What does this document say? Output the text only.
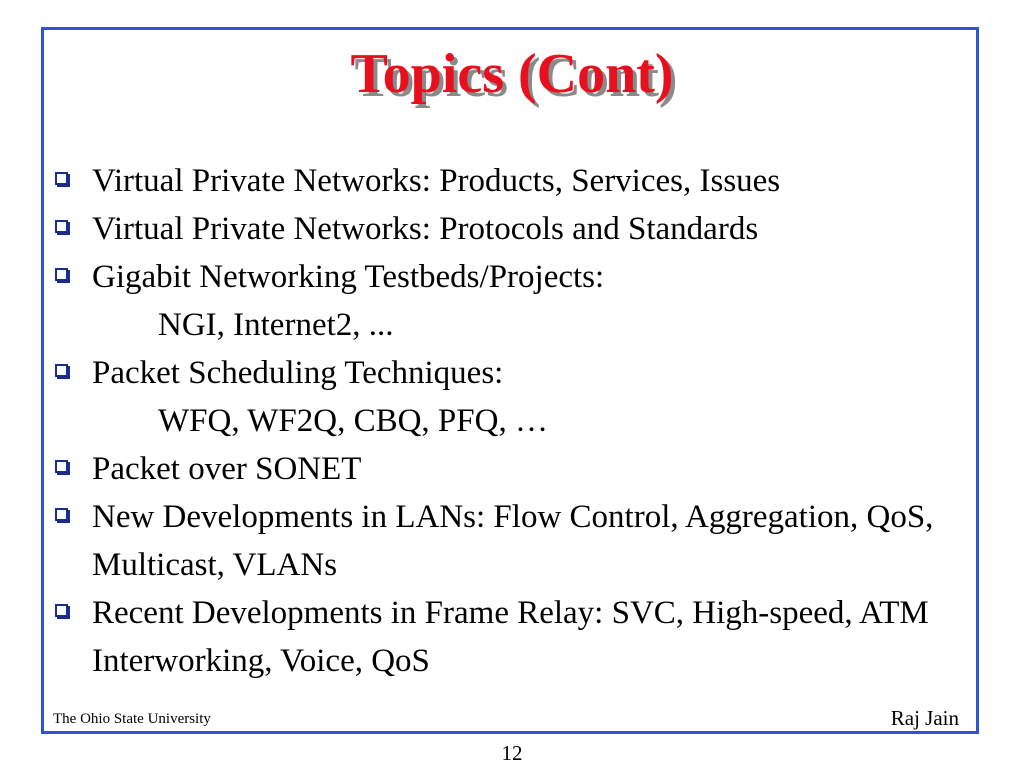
Topics (Cont)
Virtual Private Networks: Products, Services, Issues
Virtual Private Networks: Protocols and Standards
Gigabit Networking Testbeds/Projects:
NGI, Internet2, ...
Packet Scheduling Techniques:
WFQ, WF2Q, CBQ, PFQ, …
Packet over SONET
New Developments in LANs: Flow Control, Aggregation, QoS, Multicast, VLANs
Recent Developments in Frame Relay: SVC, High-speed, ATM Interworking, Voice, QoS
The Ohio State University	Raj Jain
12
